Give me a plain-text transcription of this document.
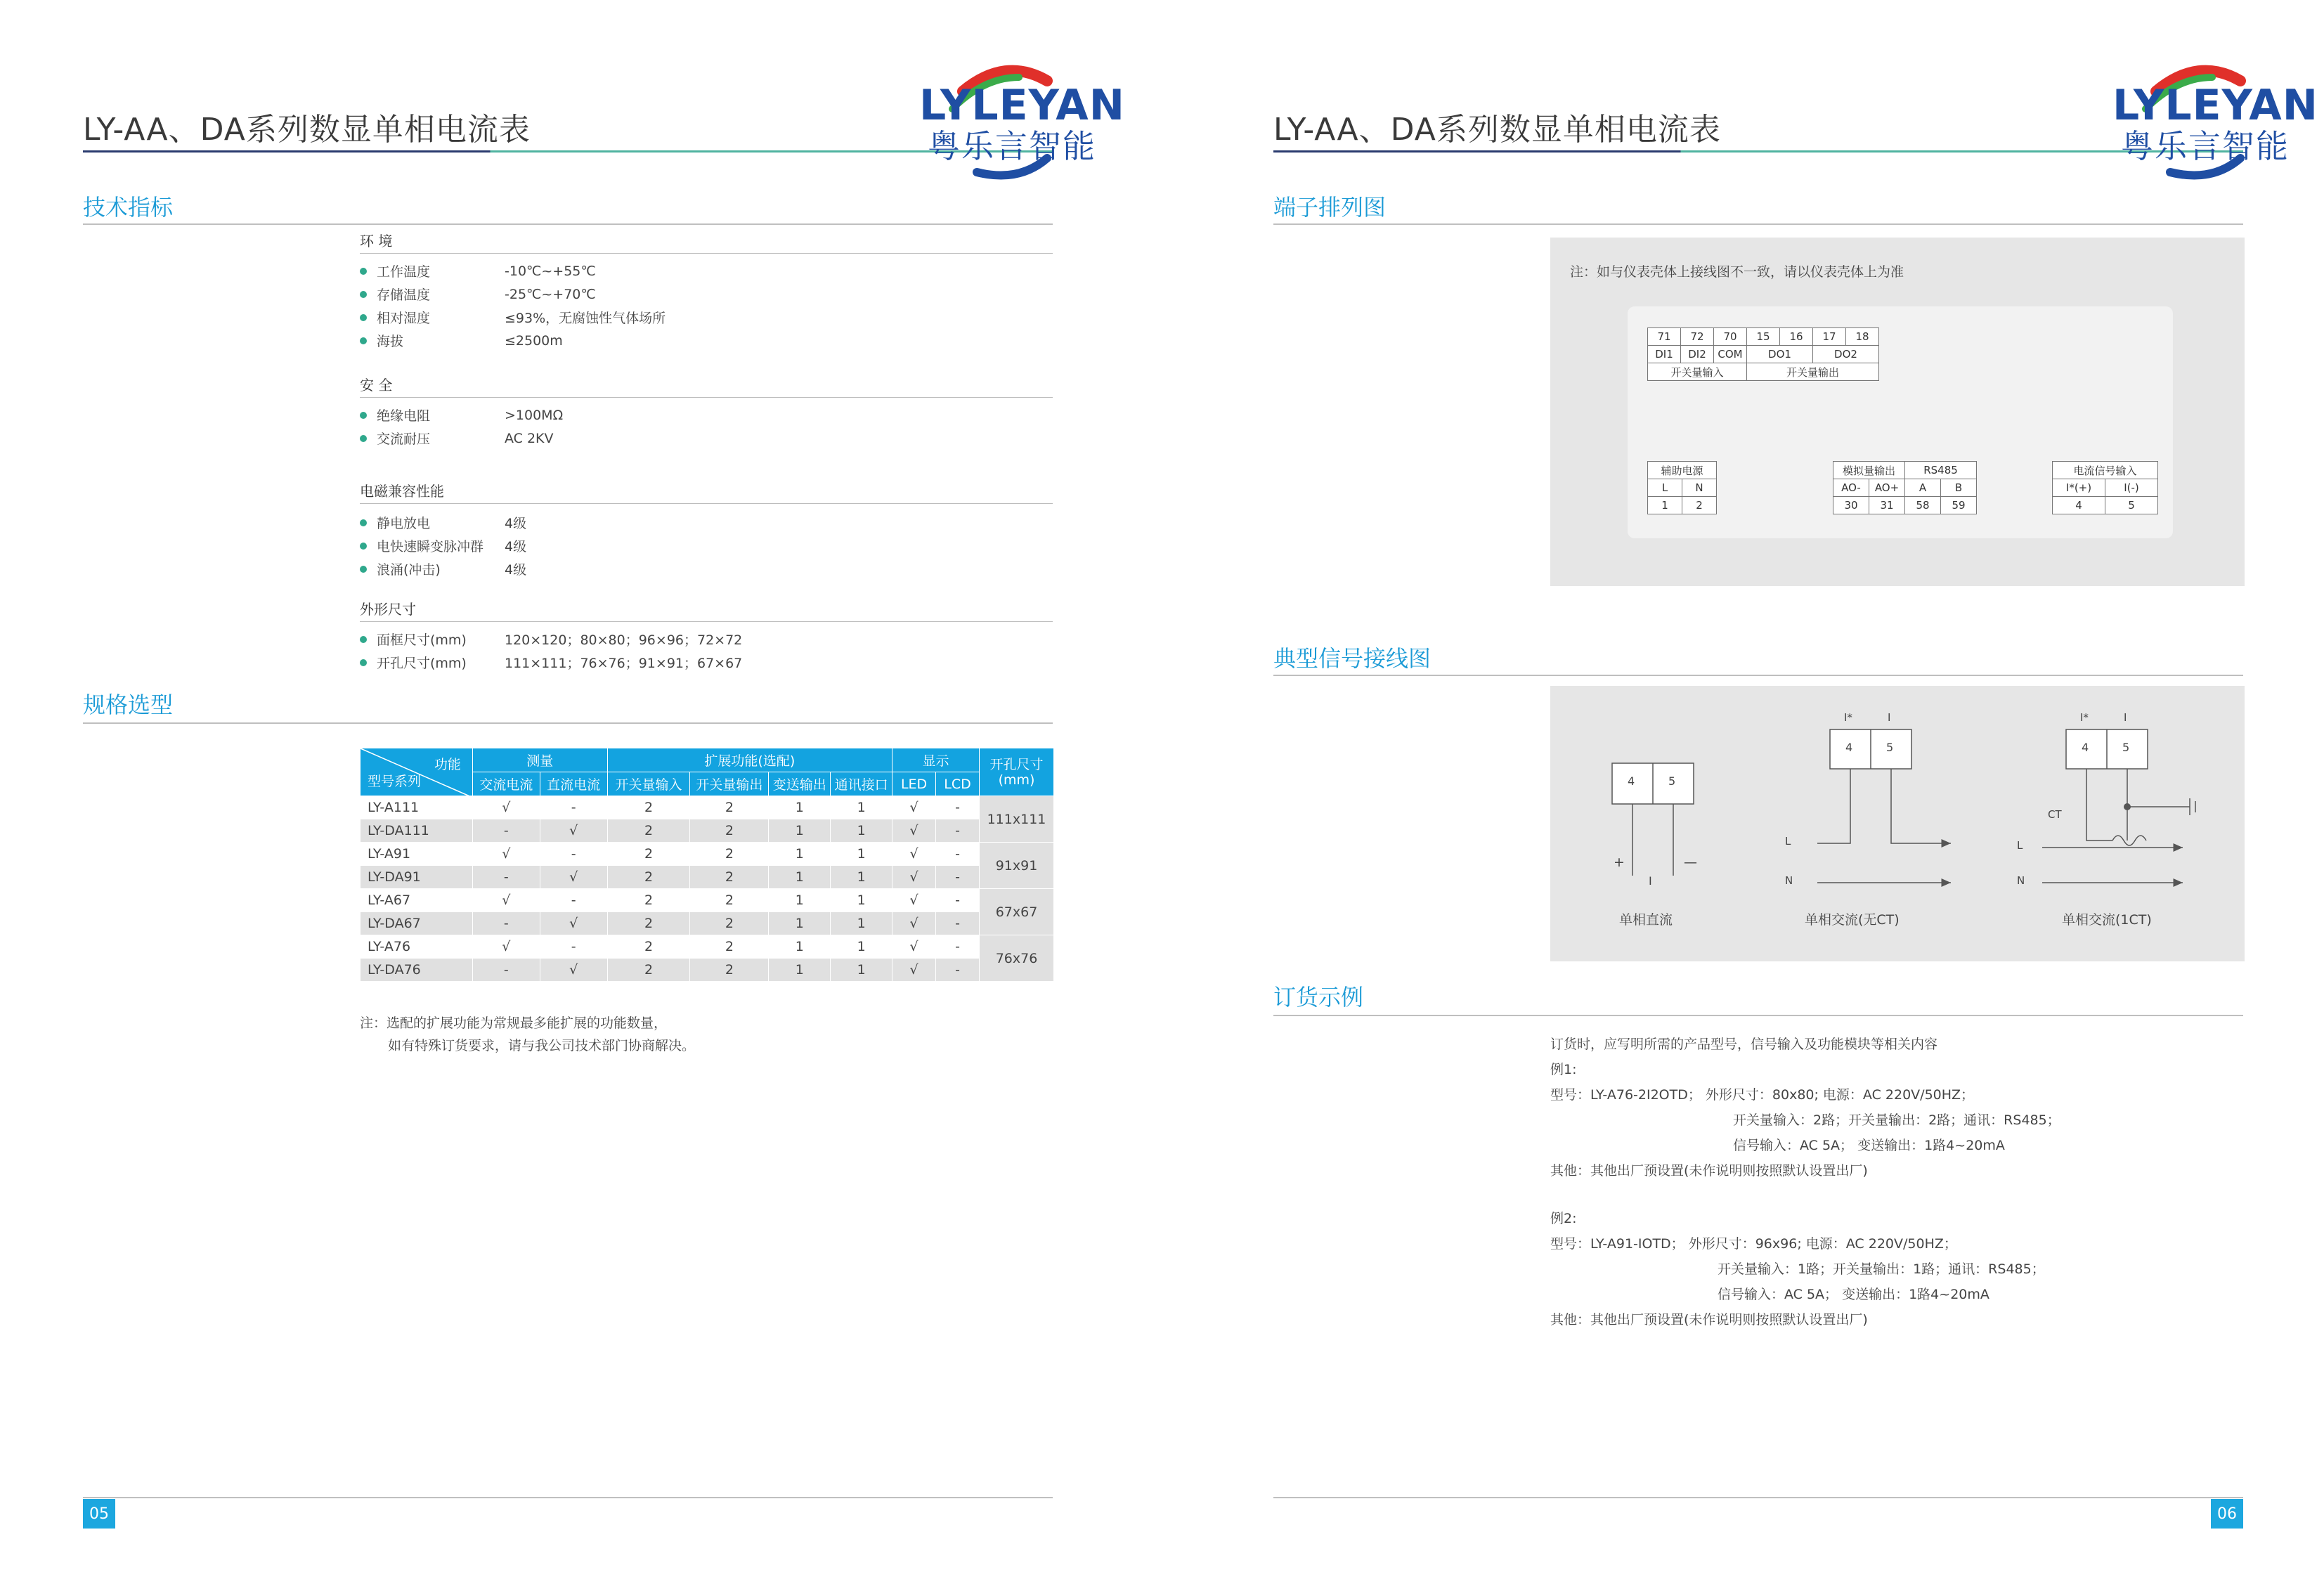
LY-AA、DA系列数显单相电流表	LYLEYAN
粤乐言智能
技术指标
环 境
工作温度	-10℃~+55℃
存储温度	-25℃~+70℃
相对湿度	≤93%，无腐蚀性气体场所
海拔	≤2500m
安 全
绝缘电阻	>100MΩ
交流耐压	AC 2KV
电磁兼容性能
静电放电	4级
电快速瞬变脉冲群 4级
浪涌(冲击)	4级
外形尺寸
面框尺寸(mm)	120×120；80×80；96×96；72×72
开孔尺寸(mm)	111×111；76×76；91×91；67×67
规格选型
功能
型号系列	测量		扩展功能(选配)				显示		开孔尺寸
(mm)
	交流电流	直流电流	开关量输入	开关量输出	变送输出	通讯接口	LED	LCD	
LY-A111	√	-	2	2	1	1	√	-	111x111
LY-DA111	-	√	2	2	1	1	√	-	
LY-A91	√	-	2	2	1	1	√	-	91x91
LY-DA91	-	√	2	2	1	1	√	-	
LY-A67	√	-	2	2	1	1	√	-	67x67
LY-DA67	-	√	2	2	1	1	√	-	
LY-A76	√	-	2	2	1	1	√	-	76x76
LY-DA76	-	√	2	2	1	1	√	-	
注：选配的扩展功能为常规最多能扩展的功能数量，
如有特殊订货要求，请与我公司技术部门协商解决。
05
LY-AA、DA系列数显单相电流表	LYLEYAN
粤乐言智能
端子排列图
注：如与仪表壳体上接线图不一致，请以仪表壳体上为准
71	72	70	15	16	17	18
DI1	DI2	COM	DO1		DO2	
开关量输入			开关量输出			
辅助电源	
L	N
1	2
模拟量输出		RS485	
AO-	AO+	A	B
30	31	58	59
电流信号输入	
I*(+)	I(-)
4	5
典型信号接线图
4	5
+	—
I
单相直流
I*	I
4	5
L
N
单相交流(无CT)
I*	I
4	5
CT
L
N
单相交流(1CT)
订货示例
订货时，应写明所需的产品型号，信号输入及功能模块等相关内容
例1:
型号：LY-A76-2I2OTD； 外形尺寸：80x80; 电源：AC 220V/50HZ；
开关量输入：2路；开关量输出：2路；通讯：RS485；
信号输入：AC 5A； 变送输出：1路4~20mA
其他：其他出厂预设置(未作说明则按照默认设置出厂)
例2:
型号：LY-A91-IOTD； 外形尺寸：96x96; 电源：AC 220V/50HZ；
开关量输入：1路；开关量输出：1路；通讯：RS485；
信号输入：AC 5A； 变送输出：1路4~20mA
其他：其他出厂预设置(未作说明则按照默认设置出厂)
06
